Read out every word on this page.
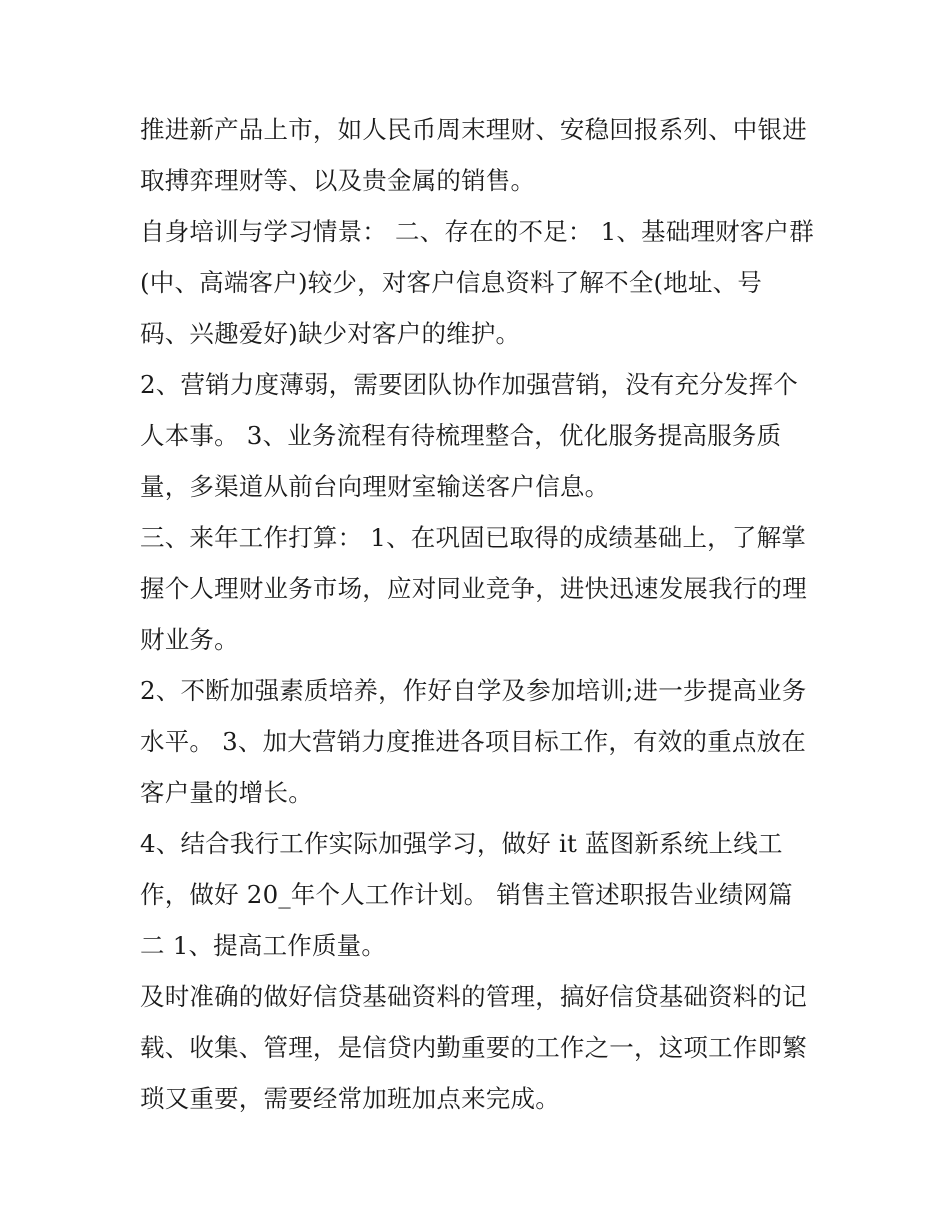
推进新产品上市，如人民币周末理财、安稳回报系列、中银进
取搏弈理财等、以及贵金属的销售。
自身培训与学习情景： 二、存在的不足： 1、基础理财客户群
(中、高端客户)较少，对客户信息资料了解不全(地址、号
码、兴趣爱好)缺少对客户的维护。
2、营销力度薄弱，需要团队协作加强营销，没有充分发挥个
人本事。 3、业务流程有待梳理整合，优化服务提高服务质
量，多渠道从前台向理财室输送客户信息。
三、来年工作打算： 1、在巩固已取得的成绩基础上，了解掌
握个人理财业务市场，应对同业竞争，进快迅速发展我行的理
财业务。
2、不断加强素质培养，作好自学及参加培训;进一步提高业务
水平。 3、加大营销力度推进各项目标工作，有效的重点放在
客户量的增长。
4、结合我行工作实际加强学习，做好 it 蓝图新系统上线工
作，做好 20_年个人工作计划。 销售主管述职报告业绩网篇
二 1、提高工作质量。
及时准确的做好信贷基础资料的管理，搞好信贷基础资料的记
载、收集、管理，是信贷内勤重要的工作之一，这项工作即繁
琐又重要，需要经常加班加点来完成。
